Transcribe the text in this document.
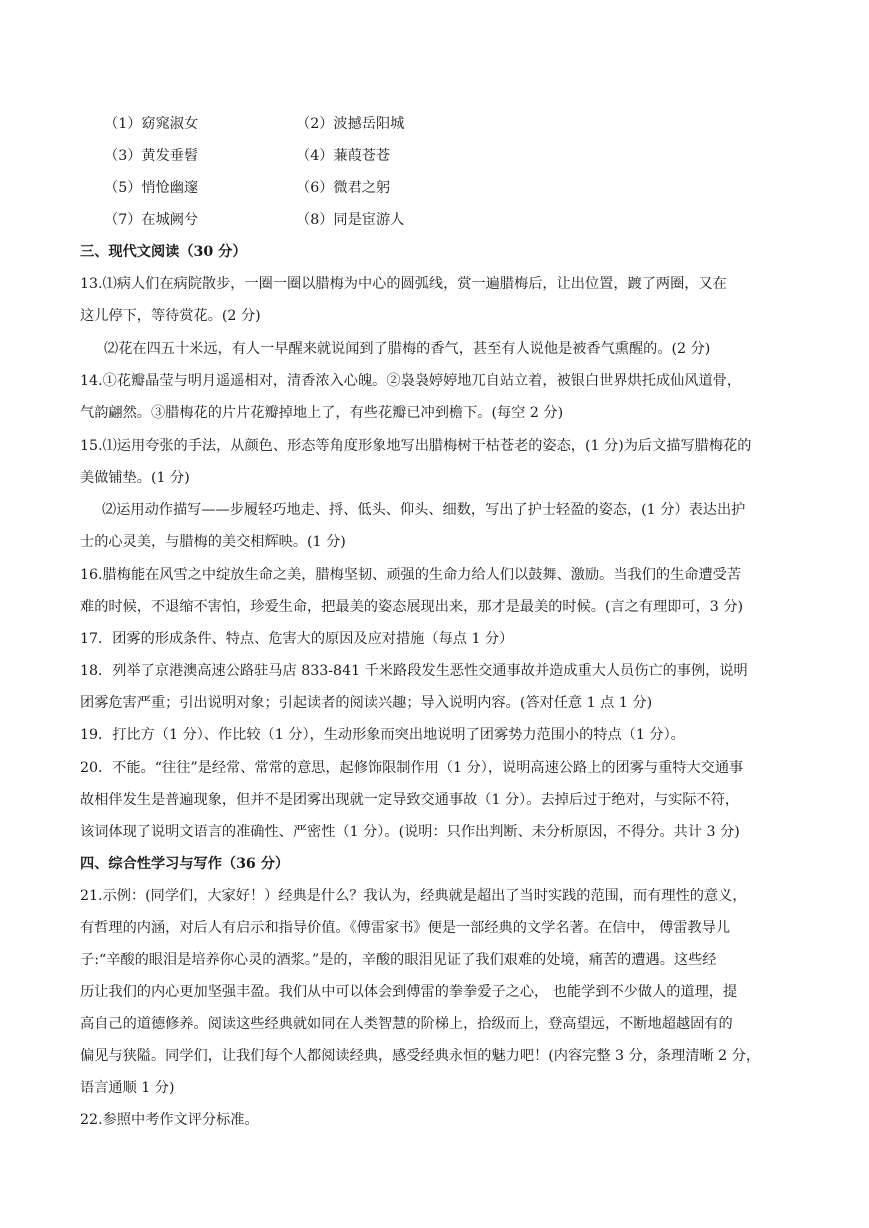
（1）窈窕淑女	（2）波撼岳阳城
（3）黄发垂髫	（4）蒹葭苍苍
（5）悄怆幽邃	（6）微君之躬
（7）在城阙兮	（8）同是宦游人
三、现代文阅读（30 分）
13.⑴病人们在病院散步，一圈一圈以腊梅为中心的圆弧线，赏一遍腊梅后，让出位置，踱了两圈，又在
这儿停下，等待赏花。(2 分)
⑵花在四五十米远，有人一早醒来就说闻到了腊梅的香气，甚至有人说他是被香气熏醒的。(2 分)
14.①花瓣晶莹与明月遥遥相对，清香浓入心魄。②袅袅婷婷地兀自站立着，被银白世界烘托成仙风道骨，
气韵翩然。③腊梅花的片片花瓣掉地上了，有些花瓣已冲到檐下。(每空 2 分)
15.⑴运用夸张的手法，从颜色、形态等角度形象地写出腊梅树干枯苍老的姿态，(1 分)为后文描写腊梅花的
美做铺垫。(1 分)
⑵运用动作描写——步履轻巧地走、捋、低头、仰头、细数，写出了护士轻盈的姿态，(1 分）表达出护
士的心灵美，与腊梅的美交相辉映。(1 分)
16.腊梅能在风雪之中绽放生命之美，腊梅坚韧、顽强的生命力给人们以鼓舞、激励。当我们的生命遭受苦
难的时候，不退缩不害怕，珍爱生命，把最美的姿态展现出来，那才是最美的时候。(言之有理即可，3 分)
17．团雾的形成条件、特点、危害大的原因及应对措施（每点 1 分）
18．列举了京港澳高速公路驻马店 833-841 千米路段发生恶性交通事故并造成重大人员伤亡的事例，说明
团雾危害严重；引出说明对象；引起读者的阅读兴趣；导入说明内容。(答对任意 1 点 1 分)
19．打比方（1 分）、作比较（1 分），生动形象而突出地说明了团雾势力范围小的特点（1 分）。
20．不能。“往往”是经常、常常的意思，起修饰限制作用（1 分），说明高速公路上的团雾与重特大交通事
故相伴发生是普遍现象，但并不是团雾出现就一定导致交通事故（1 分）。去掉后过于绝对，与实际不符，
该词体现了说明文语言的准确性、严密性（1 分）。(说明：只作出判断、未分析原因，不得分。共计 3 分)
四、综合性学习与写作（36 分）
21.示例：(同学们，大家好！）经典是什么？我认为，经典就是超出了当时实践的范围，而有理性的意义，
有哲理的内涵，对后人有启示和指导价值。《傅雷家书》便是一部经典的文学名著。在信中， 傅雷教导儿
子:“辛酸的眼泪是培养你心灵的酒浆。”是的，辛酸的眼泪见证了我们艰难的处境，痛苦的遭遇。这些经
历让我们的内心更加坚强丰盈。我们从中可以体会到傅雷的拳拳爱子之心， 也能学到不少做人的道理，提
高自己的道德修养。阅读这些经典就如同在人类智慧的阶梯上，拾级而上，登高望远，不断地超越固有的
偏见与狭隘。同学们，让我们每个人都阅读经典，感受经典永恒的魅力吧！(内容完整 3 分，条理清晰 2 分，
语言通顺 1 分)
22.参照中考作文评分标准。
